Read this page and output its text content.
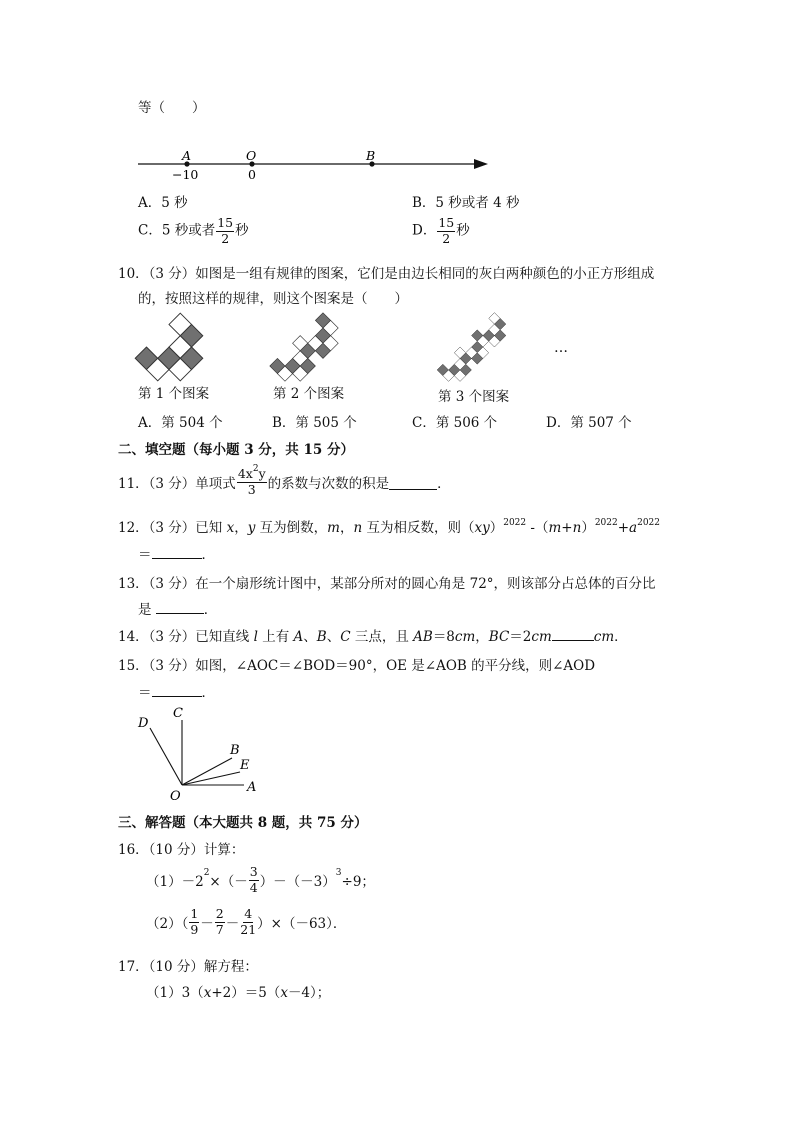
等（　　）
A	O	B
−10	0
A．5 秒	B．5 秒或者 4 秒
C．5 秒或者 $\frac{15}{2}$ 秒	D． $\frac{15}{2}$ 秒
10．（3 分）如图是一组有规律的图案，它们是由边长相同的灰白两种颜色的小正方形组成
的，按照这样的规律，则这个图案是（　　）
…
第 1 个图案	第 2 个图案	第 3 个图案
A．第 504 个	B．第 505 个	C．第 506 个	D．第 507 个
二、填空题（每小题 3 分，共 15 分）
11．（3 分）单项式 $\frac{4x^2y}{3}$ 的系数与次数的积是	．
12．（3 分）已知 x，y 互为倒数，m，n 互为相反数，则（xy）$^{2022}$ $-(m+n)^{2022}+a^{2022}$
＝	．
13．（3 分）在一个扇形统计图中，某部分所对的圆心角是 72°，则该部分占总体的百分比
是	．
14．（3 分）已知直线 l 上有 A、B、C 三点，且 AB＝8cm，BC＝2cm	cm．
15．（3 分）如图，∠AOC＝∠BOD＝90°，OE 是∠AOB 的平分线，则∠AOD
＝	．
D
C
B
E
A
O
三、解答题（本大题共 8 题，共 75 分）
16．（10 分）计算：
（1）－2
2
×（－ $\frac{3}{4} )-(-3)$
3
÷9；
$(2)( \frac{1}{9} - \frac{2}{7} - \frac{4}{21} )\times(-63)$．
17．（10 分）解方程：
（1）3（x+2）＝5（x－4）；
